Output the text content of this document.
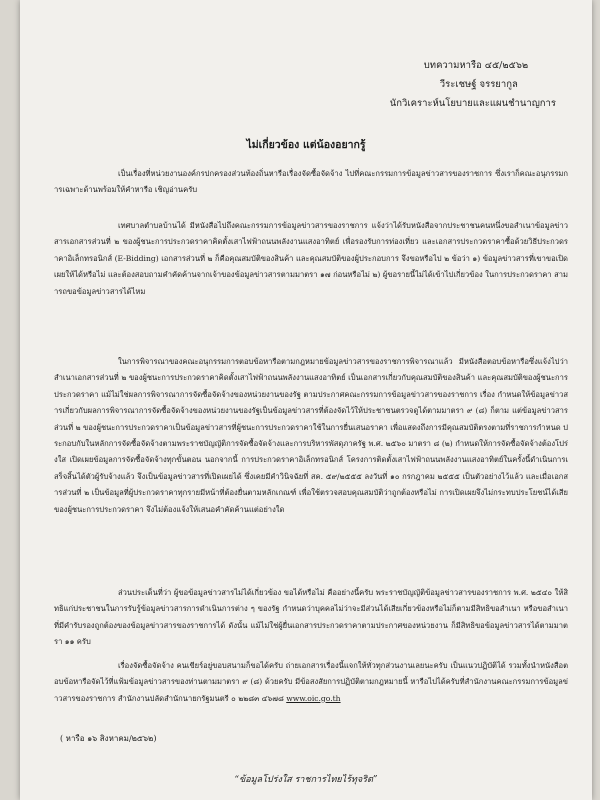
บทความหารือ ๔๕/๒๕๖๒
วีระเชษฐ์ จรรยากูล
นักวิเคราะห์นโยบายและแผนชำนาญการ
ไม่เกี่ยวข้อง แต่น้องอยากรู้
เป็นเรื่องที่หน่วยงานองค์กรปกครองส่วนท้องถิ่นหารือเรื่องจัดซื้อจัดจ้าง ไปที่คณะกรรมการข้อมูลข่าวสารของราชการ ซึ่งเราก็คณะอนุกรรมการเฉพาะด้านพร้อมให้คำหารือ เชิญอ่านครับ
เทศบาลตำบลบ้านได้ มีหนังสือไปถึงคณะกรรมการข้อมูลข่าวสารของราชการ แจ้งว่าได้รับหนังสือจากประชาชนคนหนึ่งขอสำเนาข้อมูลข่าวสารเอกสารส่วนที่ ๒ ของผู้ชนะการประกวดราคาคิดตั้งเสาไฟฟ้าถนนพลังงานแสงอาทิตย์ เพื่อรองรับการท่องเที่ยว และเอกสารประกวดราคาซื้อด้วยวิธีประกวดราคาอิเล็กทรอนิกส์ (E-Bidding) เอกสารส่วนที่ ๒ ก็คือคุณสมบัติของสินค้า และคุณสมบัติของผู้ประกอบการ จึงขอหรือไป ๒ ข้อว่า ๑) ข้อมูลข่าวสารที่เขาขอเปิดเผยให้ได้หรือไม่ และต้องสอบถามคำคัดค้านจากเจ้าของข้อมูลข่าวสารตามมาตรา ๑๗ ก่อนหรือไม่ ๒) ผู้ขอรายนี้ไม่ได้เข้าไปเกี่ยวข้อง ในการประกวดราคา สามารถขอข้อมูลข่าวสารได้ไหม
ในการพิจารณาของคณะอนุกรรมการตอบข้อหารือตามกฎหมายข้อมูลข่าวสารของราชการพิจารณาแล้ว มีหนังสือตอบข้อหารือซึ่งแจ้งไปว่า สำเนาเอกสารส่วนที่ ๒ ของผู้ชนะการประกวดราคาคิดตั้งเสาไฟฟ้าถนนพลังงานแสงอาทิตย์ เป็นเอกสารเกี่ยวกับคุณสมบัติของสินค้า และคุณสมบัติของผู้ชนะการประกวดราคา แม้ไม่ใช่ผลการพิจารณาการจัดซื้อจัดจ้างของหน่วยงานของรัฐ ตามประกาศคณะกรรมการข้อมูลข่าวสารของราชการ เรื่อง กำหนดให้ข้อมูลข่าวสารเกี่ยวกับผลการพิจารณาการจัดซื้อจัดจ้างของหน่วยงานของรัฐเป็นข้อมูลข่าวสารที่ต้องจัดไว้ให้ประชาชนตรวจดูได้ตามมาตรา ๙ (๘) ก็ตาม แต่ข้อมูลข่าวสารส่วนที่ ๒ ของผู้ชนะการประกวดราคาเป็นข้อมูลข่าวสารที่ผู้ชนะการประกวดราคาใช้ในการยื่นเสนอราคา เพื่อแสดงถึงการมีคุณสมบัติตรงตามที่ราชการกำหนด ประกอบกับในหลักการจัดซื้อจัดจ้างตามพระราชบัญญัติการจัดซื้อจัดจ้างและการบริหารพัสดุภาครัฐ พ.ศ. ๒๕๖๐ มาตรา ๘ (๒) กำหนดให้การจัดซื้อจัดจ้างต้องโปร่งใส เปิดเผยข้อมูลการจัดซื้อจัดจ้างทุกขั้นตอน นอกจากนี้ การประกวดราคาอิเล็กทรอนิกส์ โครงการติดตั้งเสาไฟฟ้าถนนพลังงานแสงอาทิตย์ในครั้งนี้ดำเนินการเสร็จสิ้นได้ตัวผู้รับจ้างแล้ว จึงเป็นข้อมูลข่าวสารที่เปิดเผยได้ ซึ่งเคยมีคำวินิจฉัยที่ สค. ๕๙/๒๕๕๕ ลงวันที่ ๑๐ กรกฎาคม ๒๕๕๕ เป็นตัวอย่างไว้แล้ว และเมื่อเอกสารส่วนที่ ๒ เป็นข้อมูลที่ผู้ประกวดราคาทุกรายมีหน้าที่ต้องยื่นตามหลักเกณฑ์ เพื่อใช้ตรวจสอบคุณสมบัติว่าถูกต้องหรือไม่ การเปิดเผยจึงไม่กระทบประโยชน์ได้เสียของผู้ชนะการประกวดราคา จึงไม่ต้องแจ้งให้เสนอคำคัดค้านแต่อย่างใด
ส่วนประเด็นที่ว่า ผู้ขอข้อมูลข่าวสารไม่ได้เกี่ยวข้อง ขอได้หรือไม่ คืออย่างนี้ครับ พระราชบัญญัติข้อมูลข่าวสารของราชการ พ.ศ. ๒๕๔๐ ให้สิทธิแก่ประชาชนในการรับรู้ข้อมูลข่าวสารการดำเนินการต่าง ๆ ของรัฐ กำหนดว่าบุคคลไม่ว่าจะมีส่วนได้เสียเกี่ยวข้องหรือไม่ก็ตามมีสิทธิขอสำเนา หรือขอสำเนาที่มีคำรับรองถูกต้องของข้อมูลข่าวสารของราชการได้ ดังนั้น แม้ไม่ใช่ผู้ยื่นเอกสารประกวดราคาตามประกาศของหน่วยงาน ก็มีสิทธิขอข้อมูลข่าวสารได้ตามมาตรา ๑๑ ครับ
เรื่องจัดซื้อจัดจ้าง คนเขียร์อยู่ขอบสนามก็ขอได้ครับ ถ่ายเอกสารเรื่องนี้แจกให้ทั่วทุกส่วนงานเลยนะครับ เป็นแนวปฏิบัติได้ รวมทั้งนำหนังสือตอบข้อหารือจัดไว้ที่แฟ้มข้อมูลข่าวสารของท่านตามมาตรา ๙ (๘) ด้วยครับ มีข้อสงสัยการปฏิบัติตามกฎหมายนี้ หารือไปได้ครับที่สำนักงานคณะกรรมการข้อมูลข่าวสารของราชการ สำนักงานปลัดสำนักนายกรัฐมนตรี ๐ ๒๒๘๓ ๔๖๗๘ www.oic.go.th
( หารือ ๑๖ สิงหาคม/๒๕๖๒)
“ข้อมูลโปร่งใส ราชการไทยไร้ทุจริต”
